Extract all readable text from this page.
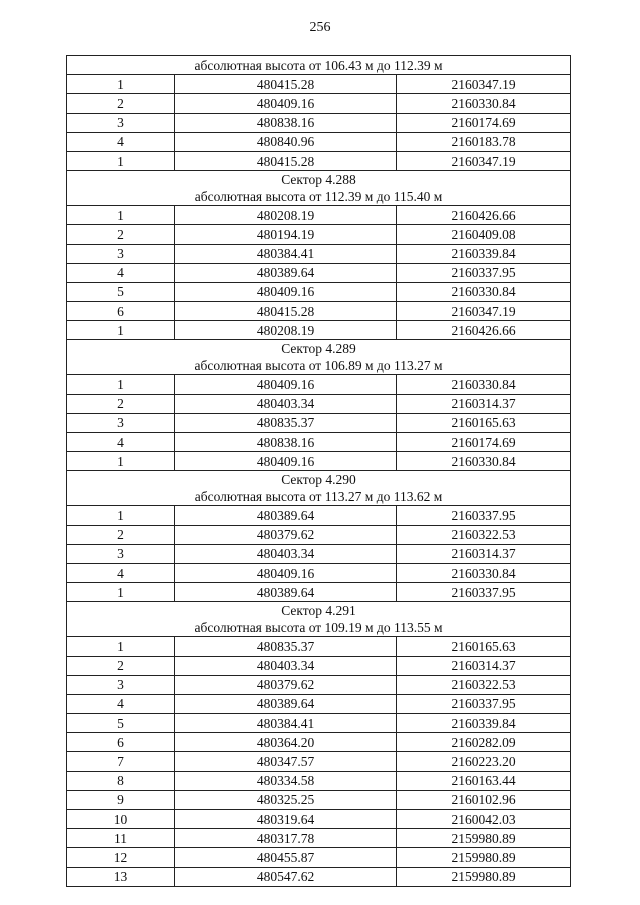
256
абсолютная высота от 106.43 м до 112.39 м		
1	480415.28	2160347.19
2	480409.16	2160330.84
3	480838.16	2160174.69
4	480840.96	2160183.78
1	480415.28	2160347.19

Сектор 4.288
абсолютная высота от 112.39 м до 115.40 м		

1	480208.19	2160426.66
2	480194.19	2160409.08
3	480384.41	2160339.84
4	480389.64	2160337.95
5	480409.16	2160330.84
6	480415.28	2160347.19
1	480208.19	2160426.66

Сектор 4.289
абсолютная высота от 106.89 м до 113.27 м		

1	480409.16	2160330.84
2	480403.34	2160314.37
3	480835.37	2160165.63
4	480838.16	2160174.69
1	480409.16	2160330.84

Сектор 4.290
абсолютная высота от 113.27 м до 113.62 м		

1	480389.64	2160337.95
2	480379.62	2160322.53
3	480403.34	2160314.37
4	480409.16	2160330.84
1	480389.64	2160337.95

Сектор 4.291
абсолютная высота от 109.19 м до 113.55 м		

1	480835.37	2160165.63
2	480403.34	2160314.37
3	480379.62	2160322.53
4	480389.64	2160337.95
5	480384.41	2160339.84
6	480364.20	2160282.09
7	480347.57	2160223.20
8	480334.58	2160163.44
9	480325.25	2160102.96
10	480319.64	2160042.03
11	480317.78	2159980.89
12	480455.87	2159980.89
13	480547.62	2159980.89
